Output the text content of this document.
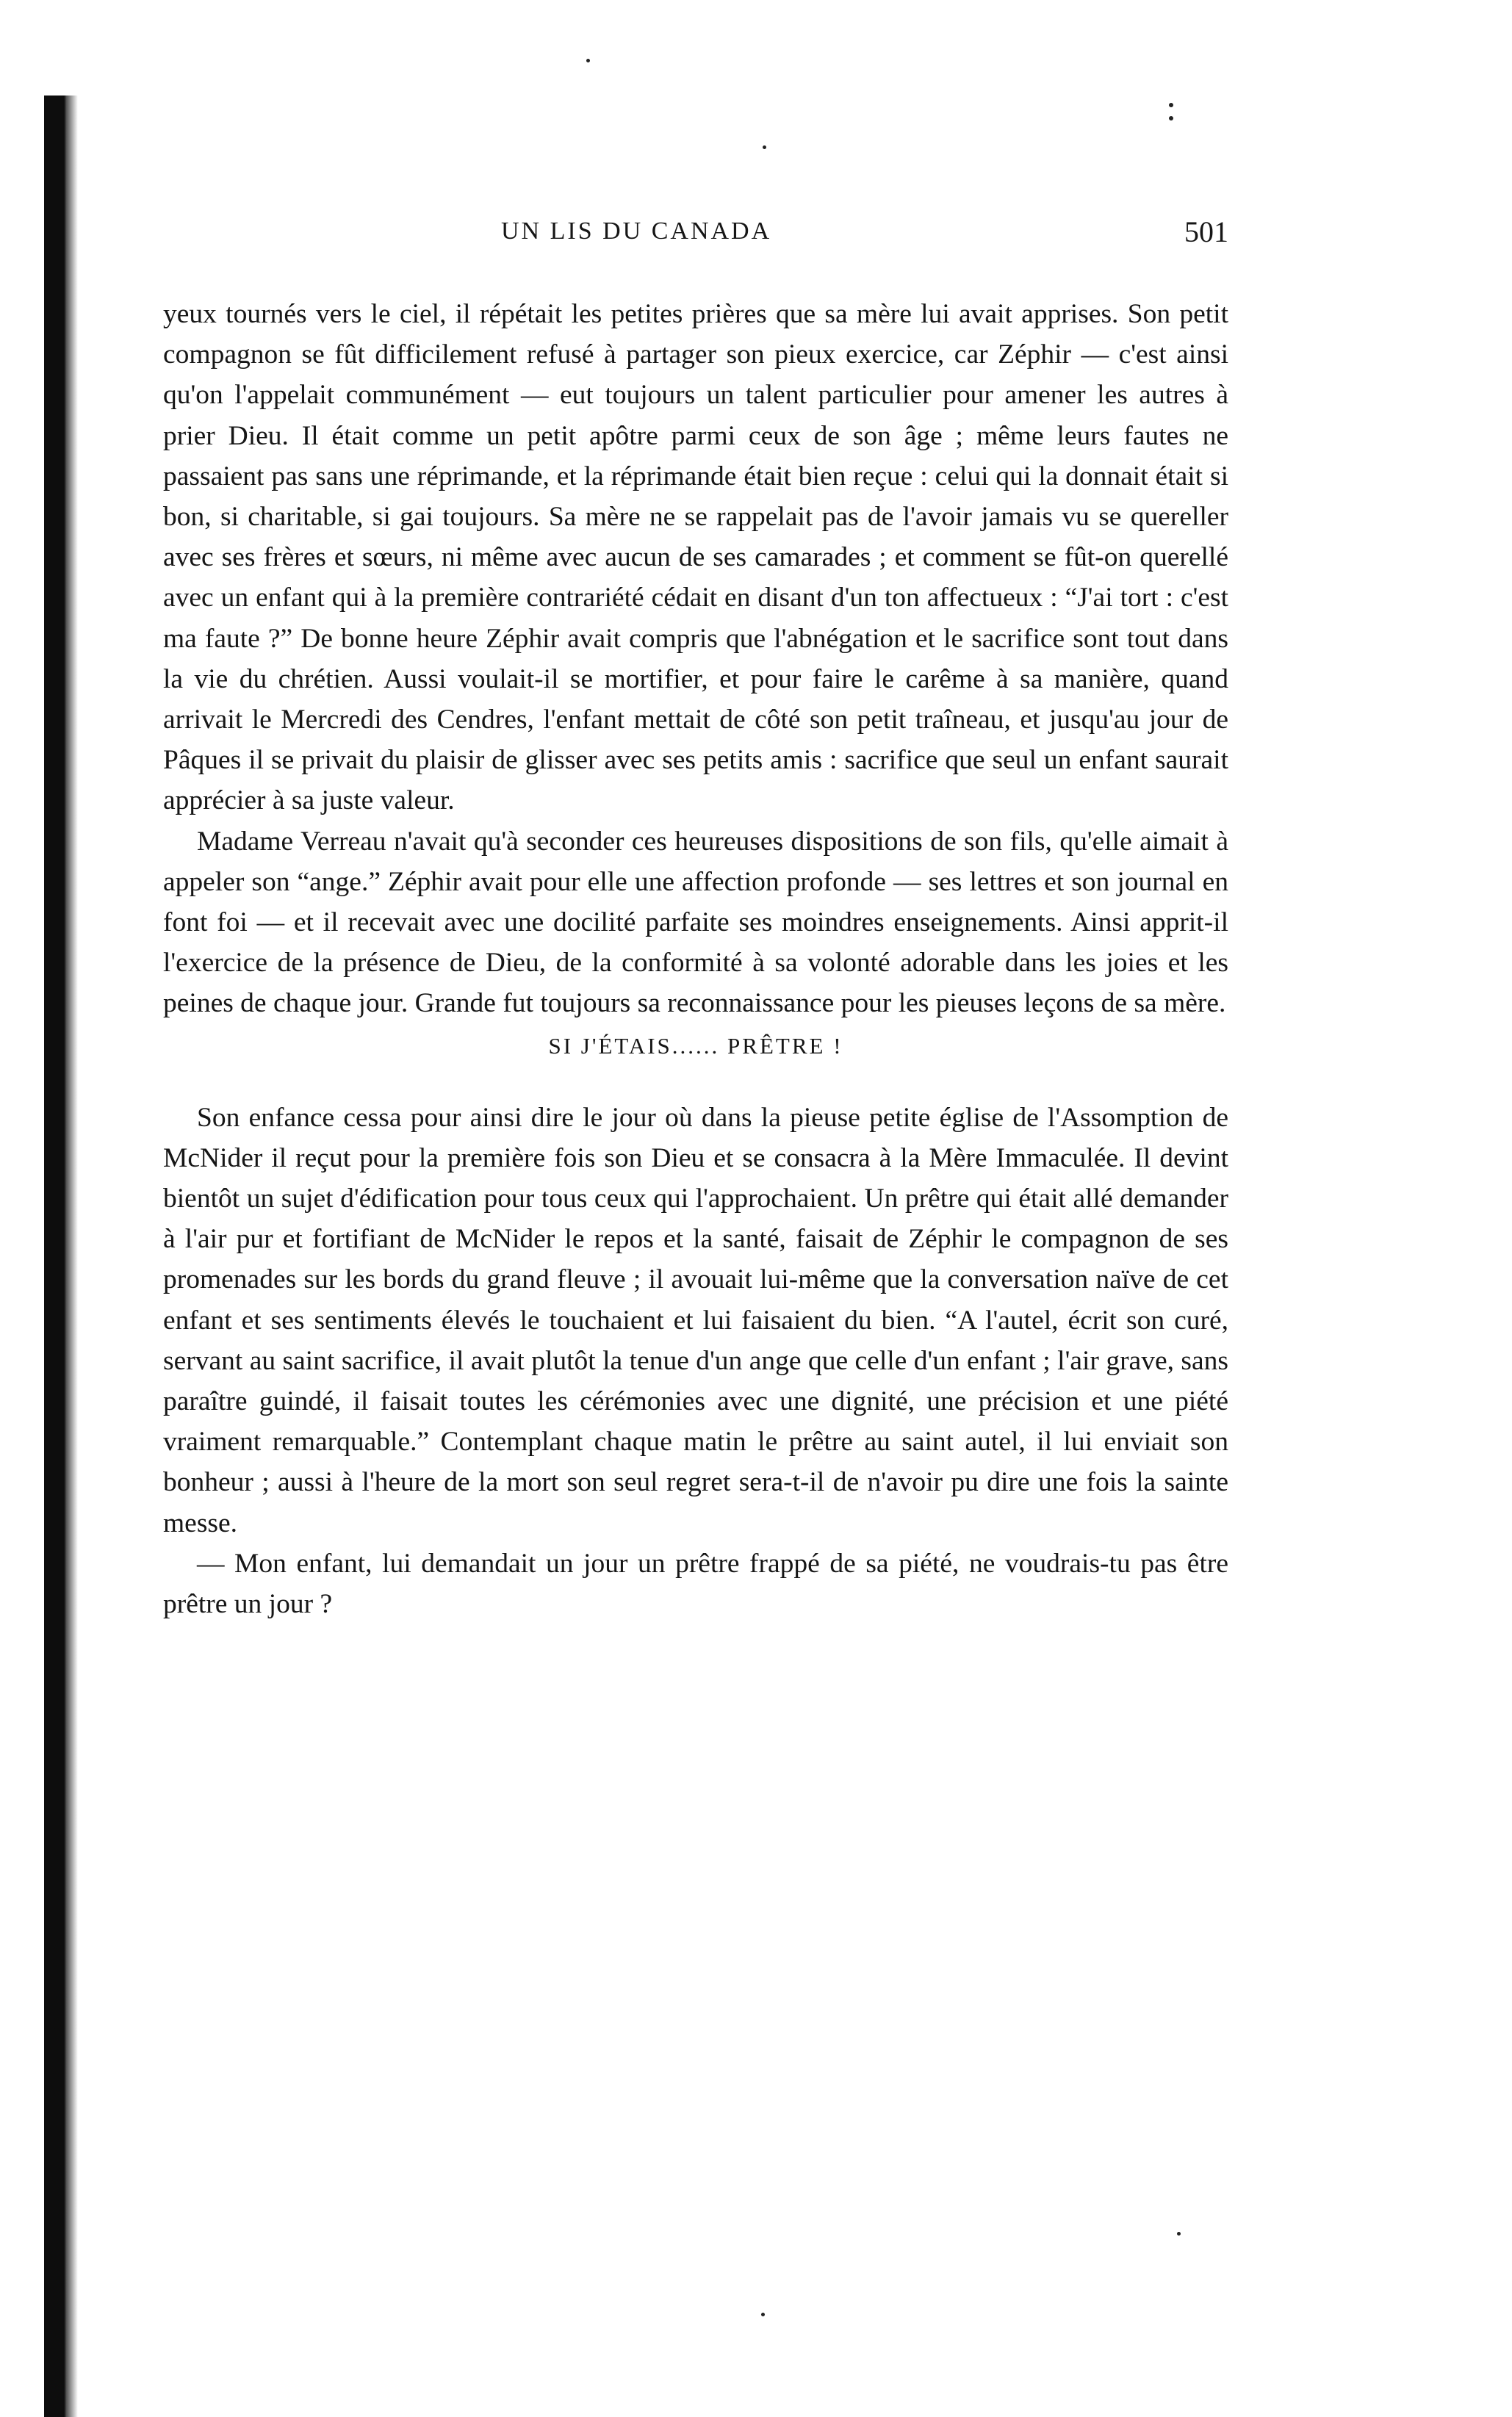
UN LIS DU CANADA	501

yeux tournés vers le ciel, il répétait les petites prières que sa mère lui avait apprises. Son petit compagnon se fût difficilement refusé à partager son pieux exercice, car Zéphir — c'est ainsi qu'on l'appelait communément — eut toujours un talent particulier pour amener les autres à prier Dieu. Il était comme un petit apôtre parmi ceux de son âge ; même leurs fautes ne passaient pas sans une réprimande, et la réprimande était bien reçue : celui qui la donnait était si bon, si charitable, si gai toujours. Sa mère ne se rappelait pas de l'avoir jamais vu se quereller avec ses frères et sœurs, ni même avec aucun de ses camarades ; et comment se fût-on querellé avec un enfant qui à la première contrariété cédait en disant d'un ton affectueux : “J'ai tort : c'est ma faute ?” De bonne heure Zéphir avait compris que l'abnégation et le sacrifice sont tout dans la vie du chrétien. Aussi voulait-il se mortifier, et pour faire le carême à sa manière, quand arrivait le Mercredi des Cendres, l'enfant mettait de côté son petit traîneau, et jusqu'au jour de Pâques il se privait du plaisir de glisser avec ses petits amis : sacrifice que seul un enfant saurait apprécier à sa juste valeur.

Madame Verreau n'avait qu'à seconder ces heureuses dispositions de son fils, qu'elle aimait à appeler son “ange.” Zéphir avait pour elle une affection profonde — ses lettres et son journal en font foi — et il recevait avec une docilité parfaite ses moindres enseignements. Ainsi apprit-il l'exercice de la présence de Dieu, de la conformité à sa volonté adorable dans les joies et les peines de chaque jour. Grande fut toujours sa reconnaissance pour les pieuses leçons de sa mère.

SI J'ÉTAIS...... PRÊTRE !

Son enfance cessa pour ainsi dire le jour où dans la pieuse petite église de l'Assomption de McNider il reçut pour la première fois son Dieu et se consacra à la Mère Immaculée. Il devint bientôt un sujet d'édification pour tous ceux qui l'approchaient. Un prêtre qui était allé demander à l'air pur et fortifiant de McNider le repos et la santé, faisait de Zéphir le compagnon de ses promenades sur les bords du grand fleuve ; il avouait lui-même que la conversation naïve de cet enfant et ses sentiments élevés le touchaient et lui faisaient du bien. “A l'autel, écrit son curé, servant au saint sacrifice, il avait plutôt la tenue d'un ange que celle d'un enfant ; l'air grave, sans paraître guindé, il faisait toutes les cérémonies avec une dignité, une précision et une piété vraiment remarquable.” Contemplant chaque matin le prêtre au saint autel, il lui enviait son bonheur ; aussi à l'heure de la mort son seul regret sera-t-il de n'avoir pu dire une fois la sainte messe.

— Mon enfant, lui demandait un jour un prêtre frappé de sa piété, ne voudrais-tu pas être prêtre un jour ?
